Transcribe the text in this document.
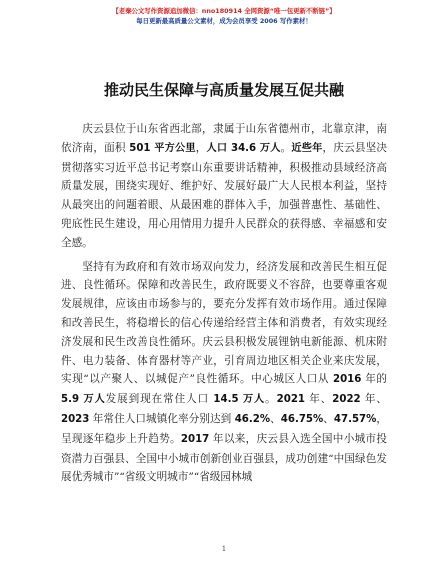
【老秦公文写作资源追加微信：nno180914 全网资源“唯一包更新不断链”】
每日更新最高质量公文素材，成为会员享受 2006 写作素材！
推动民生保障与高质量发展互促共融

庆云县位于山东省西北部，隶属于山东省德州市，北靠京津，南依济南，面积 501 平方公里，人口 34.6 万人。近些年，庆云县坚决贯彻落实习近平总书记考察山东重要讲话精神，积极推动县域经济高质量发展，围绕实现好、维护好、发展好最广大人民根本利益，坚持从最突出的问题着眼、从最困难的群体入手，加强普惠性、基础性、兜底性民生建设，用心用情用力提升人民群众的获得感、幸福感和安全感。

坚持有为政府和有效市场双向发力，经济发展和改善民生相互促进、良性循环。保障和改善民生，政府既要义不容辞，也要尊重客观发展规律，应该由市场参与的，要充分发挥有效市场作用。通过保障和改善民生，将稳增长的信心传递给经营主体和消费者，有效实现经济发展和民生改善良性循环。庆云县积极发展锂钠电新能源、机床附件、电力装备、体育器材等产业，引育周边地区相关企业来庆发展，实现“以产聚人、以城促产”良性循环。中心城区人口从 2016 年的 5.9 万人发展到现在常住人口 14.5 万人。2021 年、2022 年、2023 年常住人口城镇化率分别达到 46.2%、46.75%、47.57%，呈现逐年稳步上升趋势。2017 年以来，庆云县入选全国中小城市投资潜力百强县、全国中小城市创新创业百强县，成功创建“中国绿色发展优秀城市”“省级文明城市”“省级园林城

1
